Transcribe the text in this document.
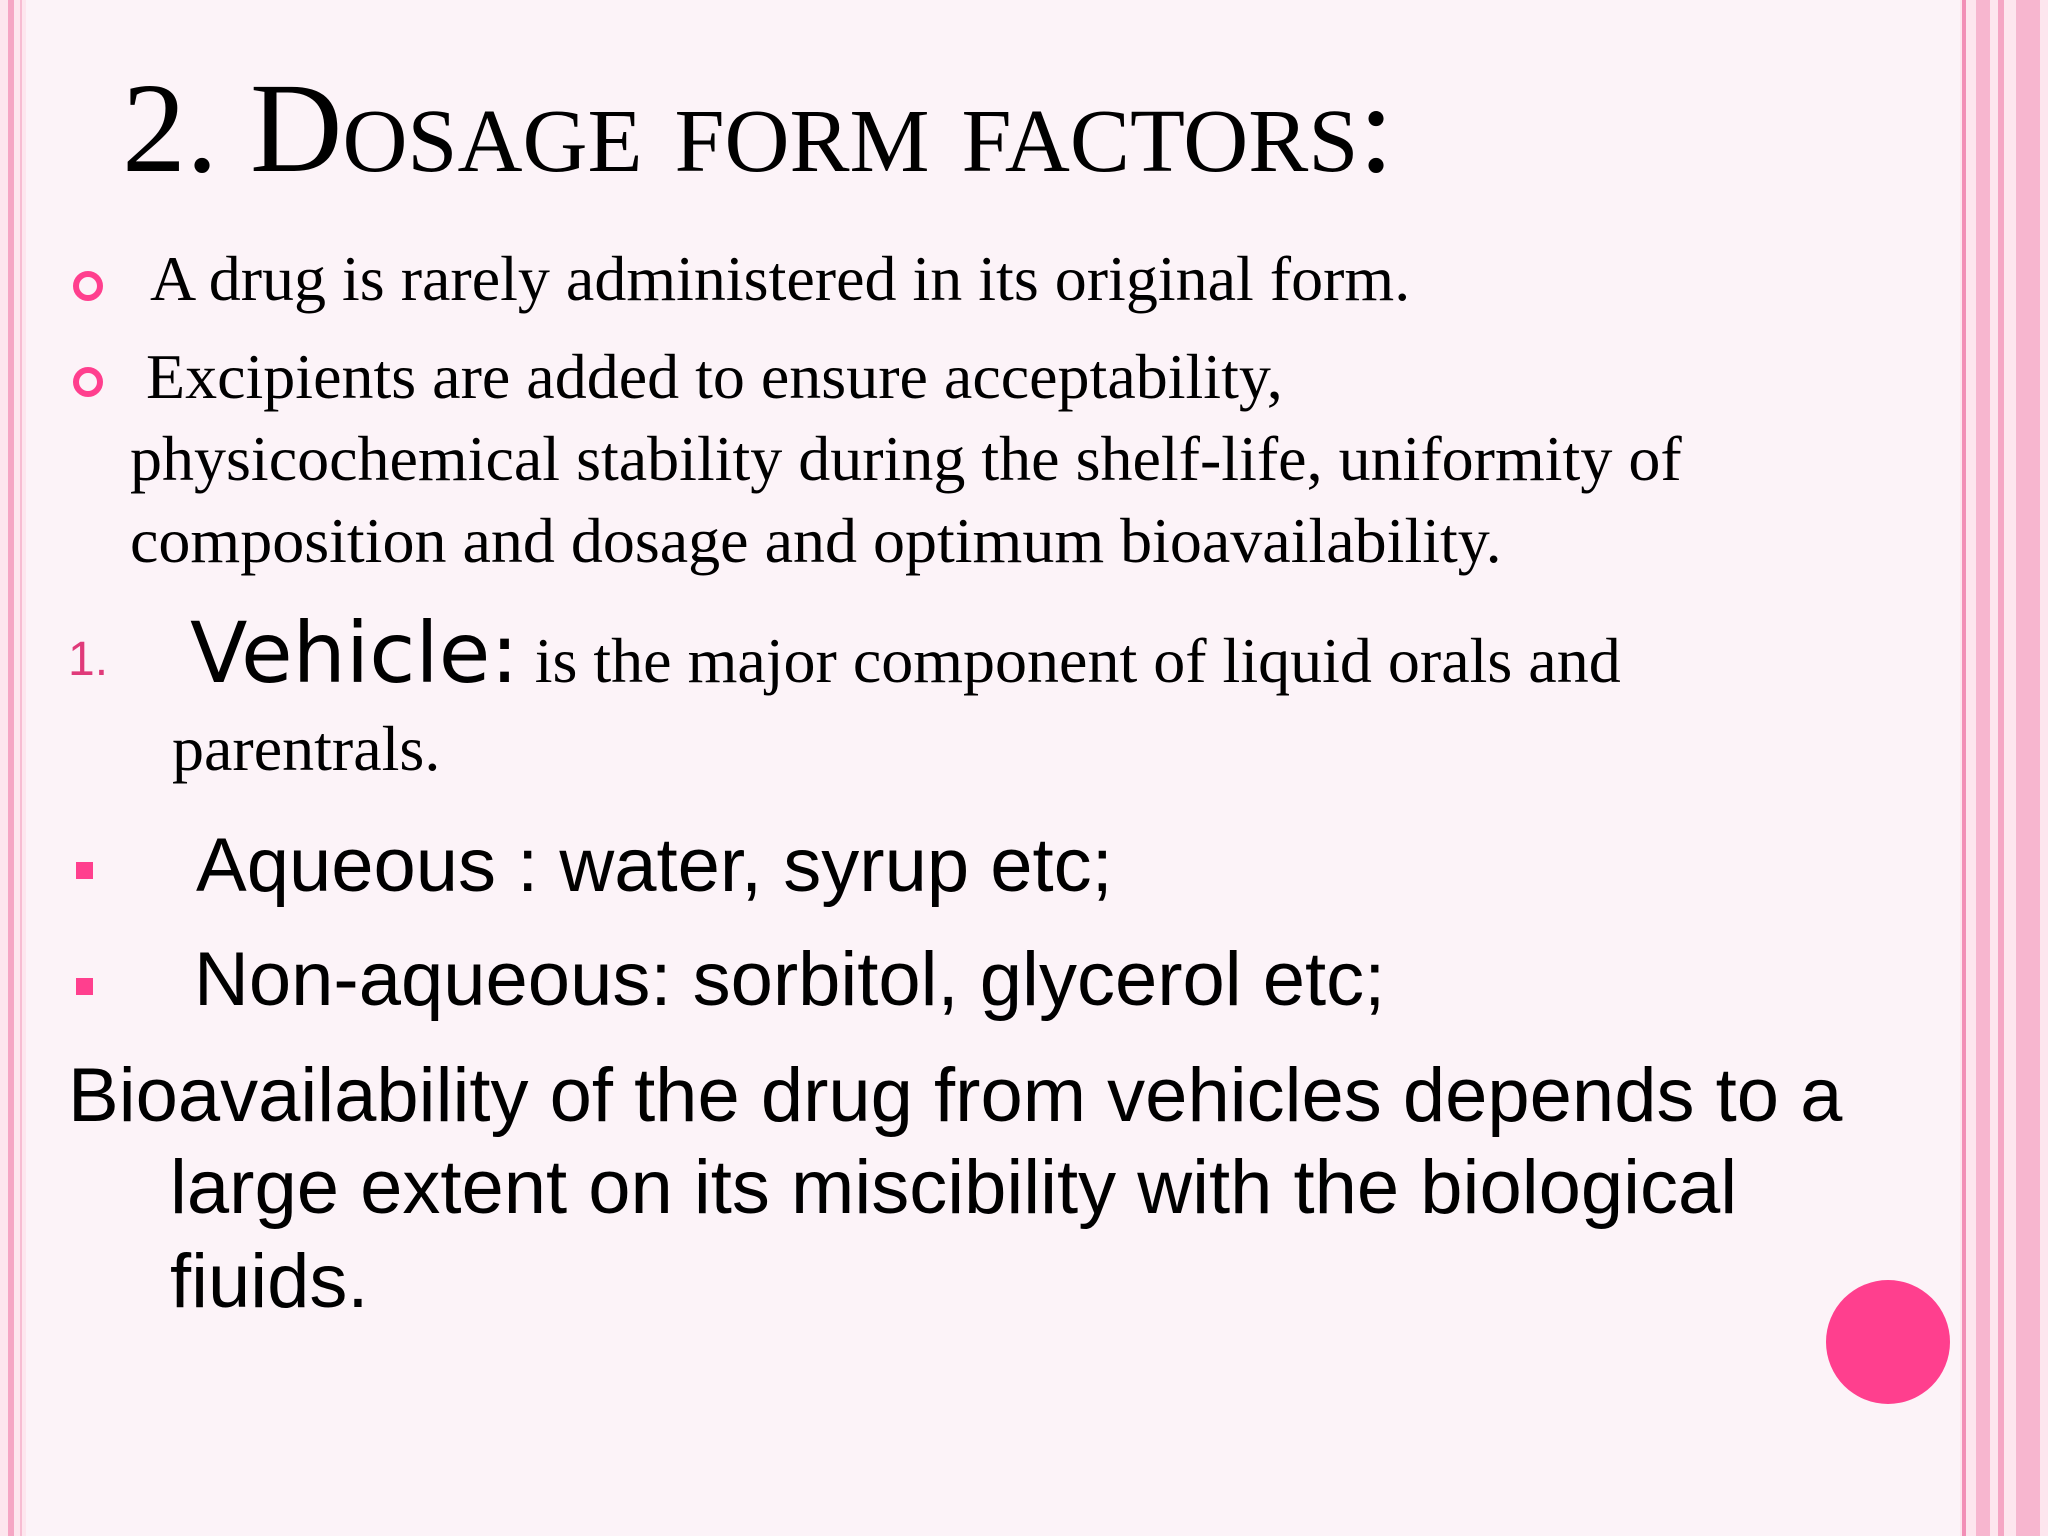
2. Dosage form factors:
A drug is rarely administered in its original form.
Excipients are added to ensure acceptability,
physicochemical stability during the shelf-life, uniformity of
composition and dosage and optimum bioavailability.
1. Vehicle: is the major component of liquid orals and
parentrals.
Aqueous : water, syrup etc;
Non-aqueous: sorbitol, glycerol etc;
Bioavailability of the drug from vehicles depends to a
large extent on its miscibility with the biological
fiuids.
